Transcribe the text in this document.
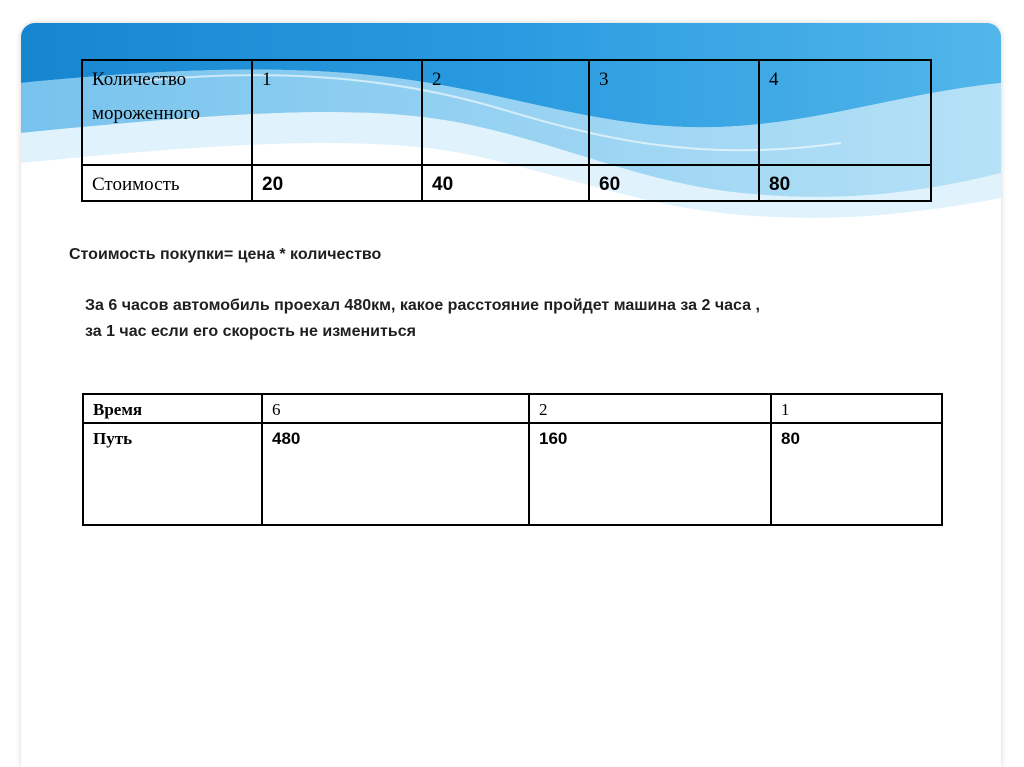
Количество мороженного	1	2	3	4
Стоимость	20	40	60	80
Стоимость покупки= цена * количество
За 6 часов автомобиль проехал 480км, какое расстояние пройдет машина за 2 часа ,
за 1 час если его скорость не измениться
Время	6	2	1
Путь	480	160	80
